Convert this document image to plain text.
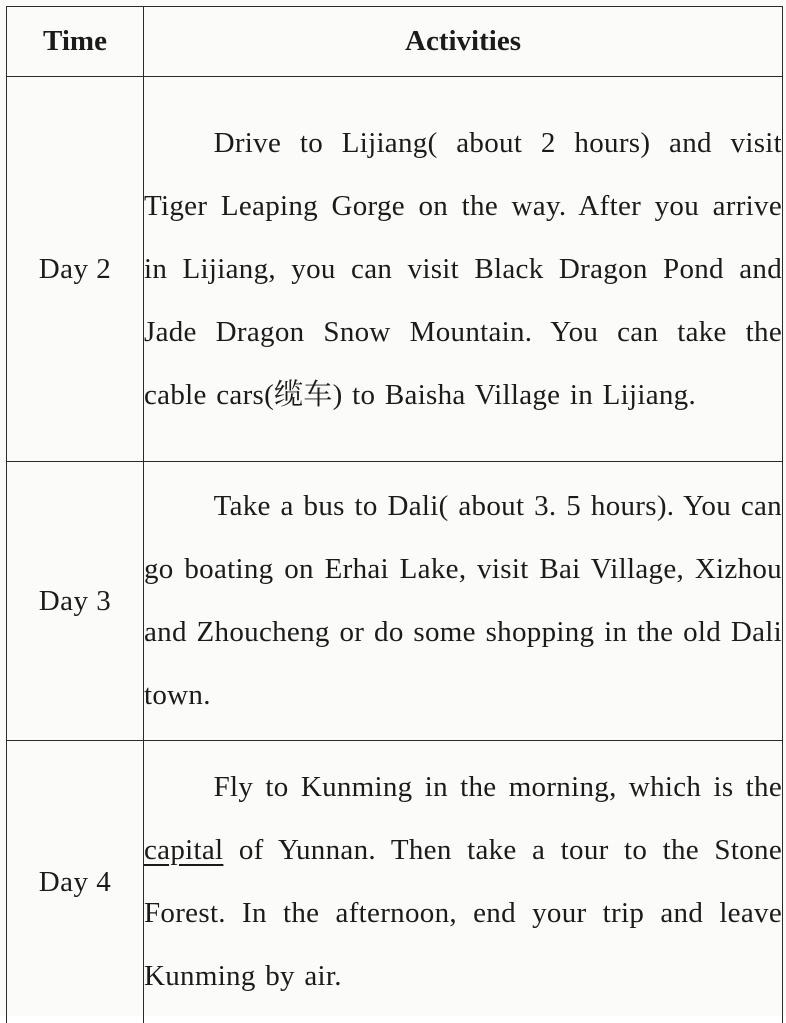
Time	Activities
Day 2	Drive to Lijiang( about 2 hours) and visit Tiger Leaping Gorge on the way. After you arrive in Lijiang, you can visit Black Dragon Pond and Jade Dragon Snow Mountain. You can take the cable cars(缆车) to Baisha Village in Lijiang.

Day 3	Take a bus to Dali( about 3. 5 hours). You can go boating on Erhai Lake, visit Bai Village, Xizhou and Zhoucheng or do some shopping in the old Dali town.

Day 4	Fly to Kunming in the morning, which is the capital of Yunnan. Then take a tour to the Stone Forest. In the afternoon, end your trip and leave Kunming by air.
